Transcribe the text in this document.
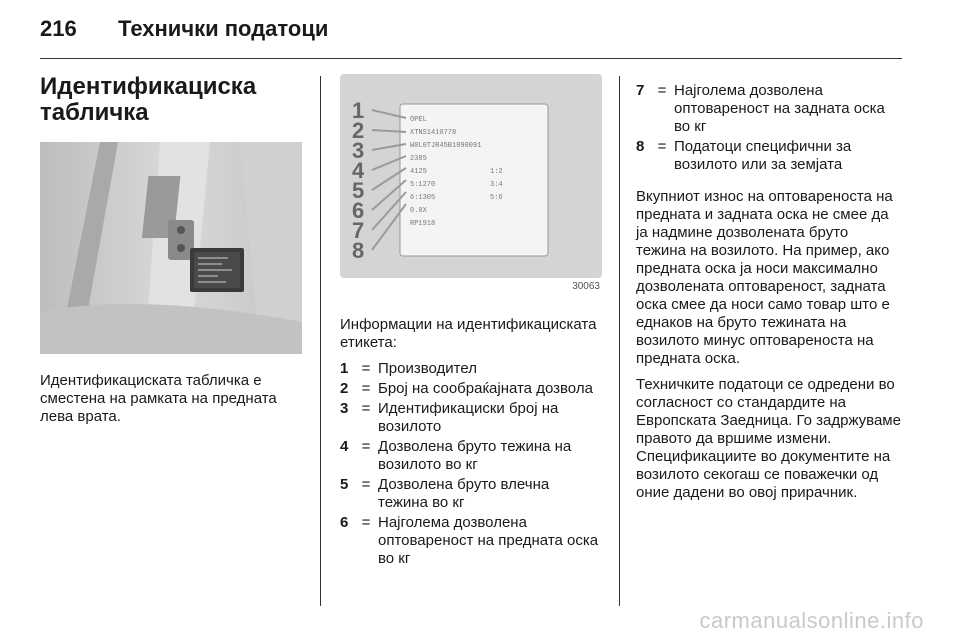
216	Технички податоци
Идентификациска
табличка

Идентификациската табличка е сместена на рамката на предната лева врата.

1
2
3
4
5
6
7
8
OPEL
XTNS1410778
W0L0TJR45B1090091
2385
4125
5:1270
6:1305
0.0X
RP1918
1:2
3:4
5:6
30063

Информации на идентификациската етикета:

1 = Производител
2 = Број на сообраќајната дозвола
3 = Идентификациски број на возилото
4 = Дозволена бруто тежина на возилото во кг
5 = Дозволена бруто влечна тежина во кг
6 = Најголема дозволена оптовареност на предната оска во кг
7 = Најголема дозволена оптовареност на задната оска во кг
8 = Податоци специфични за возилото или за земјата

Вкупниот износ на оптовареноста на предната и задната оска не смее да ја надмине дозволената бруто тежина на возилото. На пример, ако предната оска ја носи максимално дозволената оптовареност, задната оска смее да носи само товар што е еднаков на бруто тежината на возилото минус оптовареноста на предната оска.

Техничките податоци се одредени во согласност со стандардите на Европската Заедница. Го задржуваме правото да вршиме измени. Спецификациите во документите на возилото секогаш се поважечки од оние дадени во овој прирачник.

carmanualsonline.info
